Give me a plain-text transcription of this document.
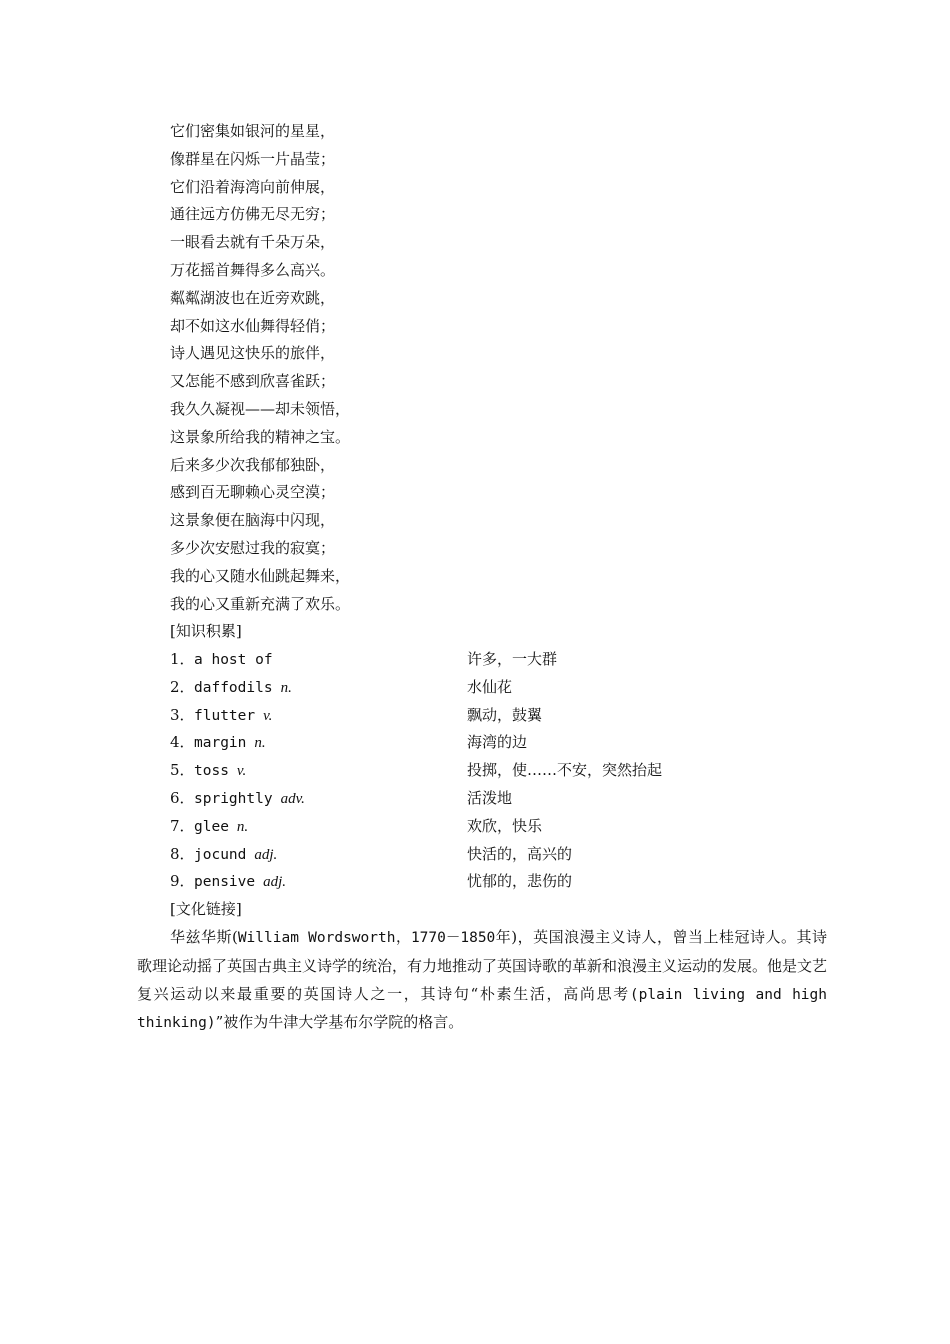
它们密集如银河的星星，
像群星在闪烁一片晶莹；
它们沿着海湾向前伸展，
通往远方仿佛无尽无穷；
一眼看去就有千朵万朵，
万花摇首舞得多么高兴。
粼粼湖波也在近旁欢跳，
却不如这水仙舞得轻俏；
诗人遇见这快乐的旅伴，
又怎能不感到欣喜雀跃；
我久久凝视——却未领悟，
这景象所给我的精神之宝。
后来多少次我郁郁独卧，
感到百无聊赖心灵空漠；
这景象便在脑海中闪现，
多少次安慰过我的寂寞；
我的心又随水仙跳起舞来，
我的心又重新充满了欢乐。
[知识积累]
1．a host of	许多，一大群
2．daffodils n.	水仙花
3．flutter v.	飘动，鼓翼
4．margin n.	海湾的边
5．toss v.	投掷，使……不安，突然抬起
6．sprightly adv.	活泼地
7．glee n.	欢欣，快乐
8．jocund adj.	快活的，高兴的
9．pensive adj.	忧郁的，悲伤的
[文化链接]
华兹华斯(William Wordsworth，1770－1850年)，英国浪漫主义诗人，曾当上桂冠诗人。其诗歌理论动摇了英国古典主义诗学的统治，有力地推动了英国诗歌的革新和浪漫主义运动的发展。他是文艺复兴运动以来最重要的英国诗人之一，其诗句“朴素生活，高尚思考(plain living and high thinking)”被作为牛津大学基布尔学院的格言。
